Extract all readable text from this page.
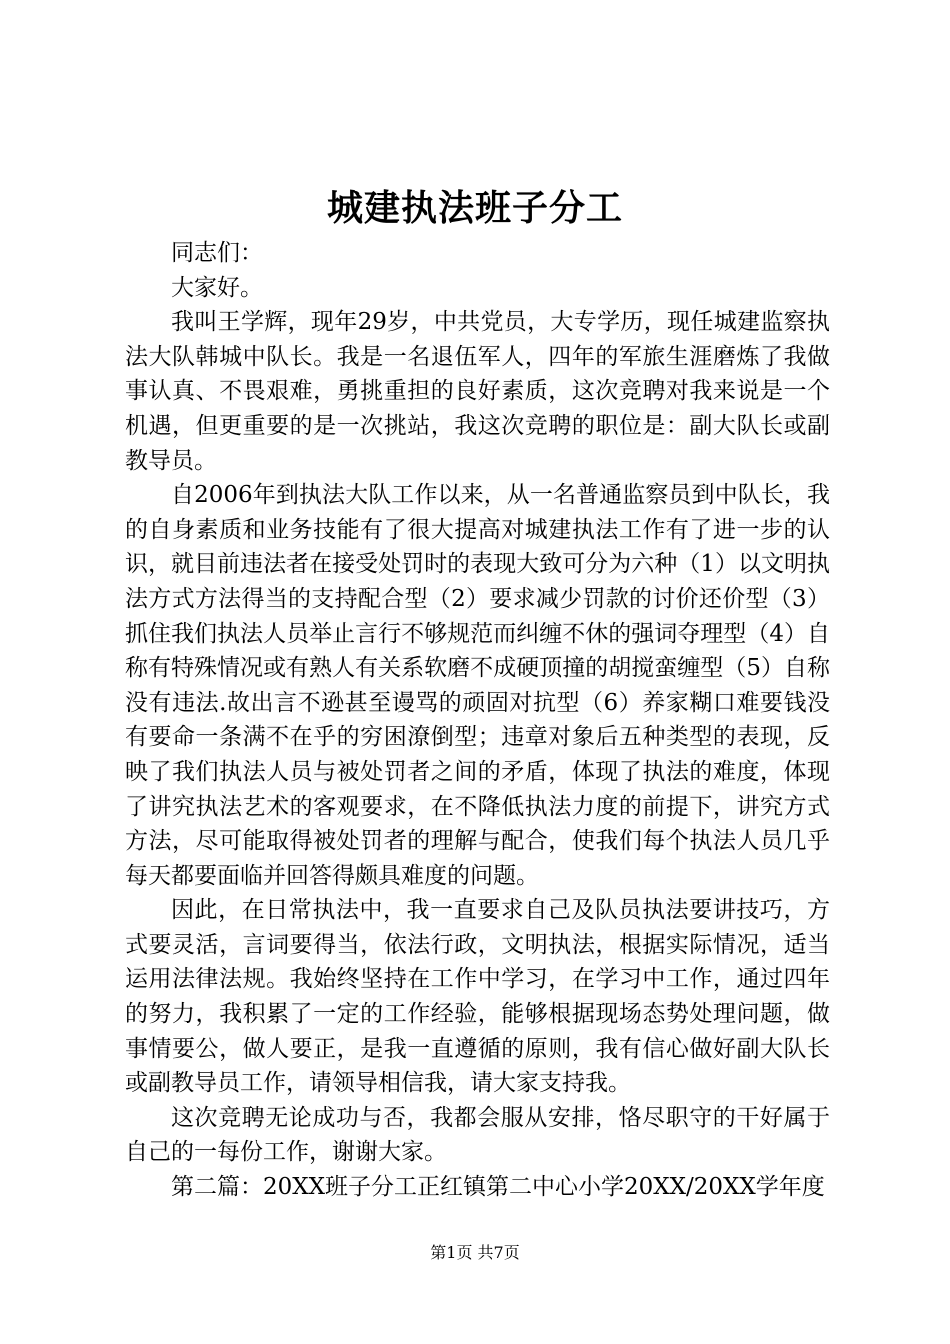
城建执法班子分工

同志们：

大家好。

我叫王学辉，现年29岁，中共党员，大专学历，现任城建监察执法大队韩城中队长。我是一名退伍军人，四年的军旅生涯磨炼了我做事认真、不畏艰难，勇挑重担的良好素质，这次竞聘对我来说是一个机遇，但更重要的是一次挑站，我这次竞聘的职位是：副大队长或副教导员。

自2006年到执法大队工作以来，从一名普通监察员到中队长，我的自身素质和业务技能有了很大提高对城建执法工作有了进一步的认识，就目前违法者在接受处罚时的表现大致可分为六种（1）以文明执法方式方法得当的支持配合型（2）要求减少罚款的讨价还价型（3）抓住我们执法人员举止言行不够规范而纠缠不休的强词夺理型（4）自称有特殊情况或有熟人有关系软磨不成硬顶撞的胡搅蛮缠型（5）自称没有违法.故出言不逊甚至谩骂的顽固对抗型（6）养家糊口难要钱没有要命一条满不在乎的穷困潦倒型；违章对象后五种类型的表现，反映了我们执法人员与被处罚者之间的矛盾，体现了执法的难度，体现了讲究执法艺术的客观要求，在不降低执法力度的前提下，讲究方式方法，尽可能取得被处罚者的理解与配合，使我们每个执法人员几乎每天都要面临并回答得颇具难度的问题。

因此，在日常执法中，我一直要求自己及队员执法要讲技巧，方式要灵活，言词要得当，依法行政，文明执法，根据实际情况，适当运用法律法规。我始终坚持在工作中学习，在学习中工作，通过四年的努力，我积累了一定的工作经验，能够根据现场态势处理问题，做事情要公，做人要正，是我一直遵循的原则，我有信心做好副大队长或副教导员工作，请领导相信我，请大家支持我。

这次竞聘无论成功与否，我都会服从安排，恪尽职守的干好属于自己的一每份工作，谢谢大家。

第二篇：20XX班子分工正红镇第二中心小学20XX/20XX学年度

第1页 共7页
